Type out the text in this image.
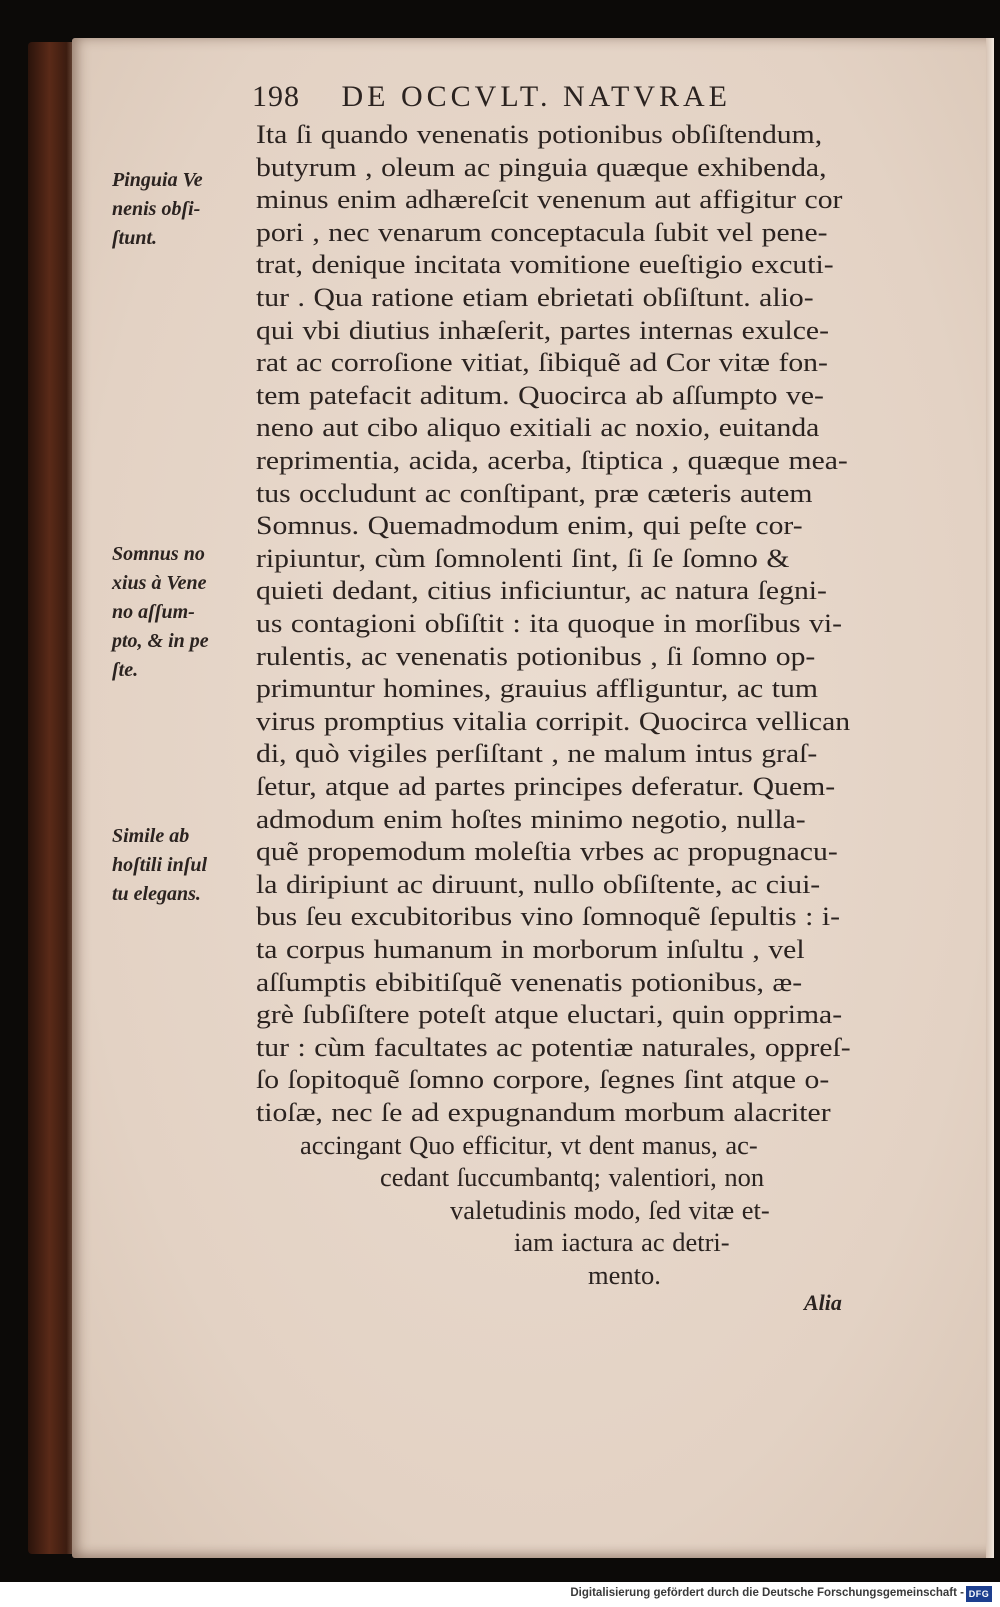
198 DE OCCVLT. NATVRAE
Ita ſi quando venenatis potionibus obſiſtendum,
butyrum , oleum ac pinguia quæque exhibenda,
minus enim adhæreſcit venenum aut affigitur cor
pori , nec venarum conceptacula ſubit vel pene-
trat, denique incitata vomitione eueſtigio excuti-
tur . Qua ratione etiam ebrietati obſiſtunt. alio-
qui vbi diutius inhæſerit, partes internas exulce-
rat ac corroſione vitiat, ſibiquẽ ad Cor vitæ fon-
tem patefacit aditum. Quocirca ab aſſumpto ve-
neno aut cibo aliquo exitiali ac noxio, euitanda
reprimentia, acida, acerba, ſtiptica , quæque mea-
tus occludunt ac conſtipant, præ cæteris autem
Somnus. Quemadmodum enim, qui peſte cor-
ripiuntur, cùm ſomnolenti ſint, ſi ſe ſomno &
quieti dedant, citius inficiuntur, ac natura ſegni-
us contagioni obſiſtit : ita quoque in morſibus vi-
rulentis, ac venenatis potionibus , ſi ſomno op-
primuntur homines, grauius affliguntur, ac tum
virus promptius vitalia corripit. Quocirca vellican
di, quò vigiles perſiſtant , ne malum intus graſ-
ſetur, atque ad partes principes deferatur. Quem-
admodum enim hoſtes minimo negotio, nulla-
quẽ propemodum moleſtia vrbes ac propugnacu-
la diripiunt ac diruunt, nullo obſiſtente, ac ciui-
bus ſeu excubitoribus vino ſomnoquẽ ſepultis : i-
ta corpus humanum in morborum inſultu , vel
aſſumptis ebibitiſquẽ venenatis potionibus, æ-
grè ſubſiſtere poteſt atque eluctari, quin opprima-
tur : cùm facultates ac potentiæ naturales, oppreſ-
ſo ſopitoquẽ ſomno corpore, ſegnes ſint atque o-
tioſæ, nec ſe ad expugnandum morbum alacriter
accingant Quo efficitur, vt dent manus, ac-
cedant ſuccumbantq; valentiori, non
valetudinis modo, ſed vitæ et-
iam iactura ac detri-
mento.
Pinguia Ve
nenis obſi-
ſtunt.
Somnus no
xius à Vene
no aſſum-
pto, & in pe
ſte.
Simile ab
hoſtili inſul
tu elegans.
Alia
Digitalisierung gefördert durch die Deutsche Forschungsgemeinschaft - DFG
